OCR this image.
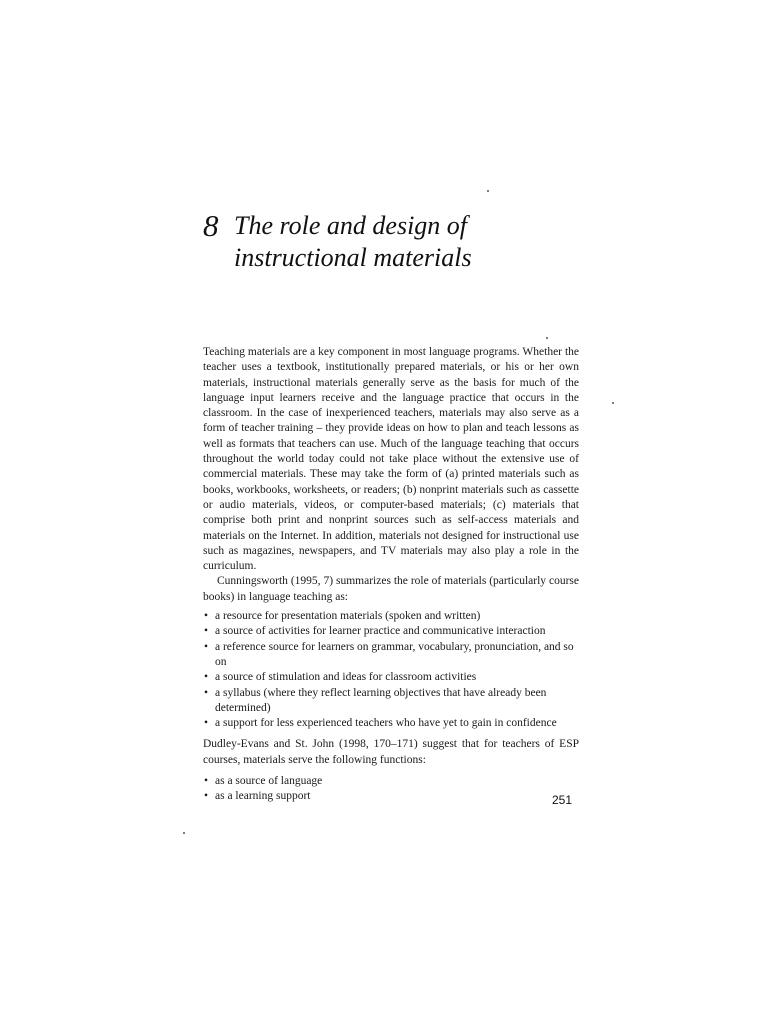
8 The role and design of
instructional materials

Teaching materials are a key component in most language programs. Whether the teacher uses a textbook, institutionally prepared materials, or his or her own materials, instructional materials generally serve as the basis for much of the language input learners receive and the language practice that occurs in the classroom. In the case of inexperienced teachers, materials may also serve as a form of teacher training – they provide ideas on how to plan and teach lessons as well as formats that teachers can use. Much of the language teaching that occurs throughout the world today could not take place without the extensive use of commercial materials. These may take the form of (a) printed materials such as books, workbooks, worksheets, or readers; (b) nonprint materials such as cassette or audio materials, videos, or computer-based materials; (c) materials that comprise both print and nonprint sources such as self-access materials and materials on the Internet. In addition, materials not designed for instructional use such as magazines, newspapers, and TV materials may also play a role in the curriculum.

Cunningsworth (1995, 7) summarizes the role of materials (particularly course books) in language teaching as:

• a resource for presentation materials (spoken and written)
• a source of activities for learner practice and communicative interaction
• a reference source for learners on grammar, vocabulary, pronunciation, and so on
• a source of stimulation and ideas for classroom activities
• a syllabus (where they reflect learning objectives that have already been determined)
• a support for less experienced teachers who have yet to gain in confidence

Dudley-Evans and St. John (1998, 170–171) suggest that for teachers of ESP courses, materials serve the following functions:

• as a source of language
• as a learning support	251
